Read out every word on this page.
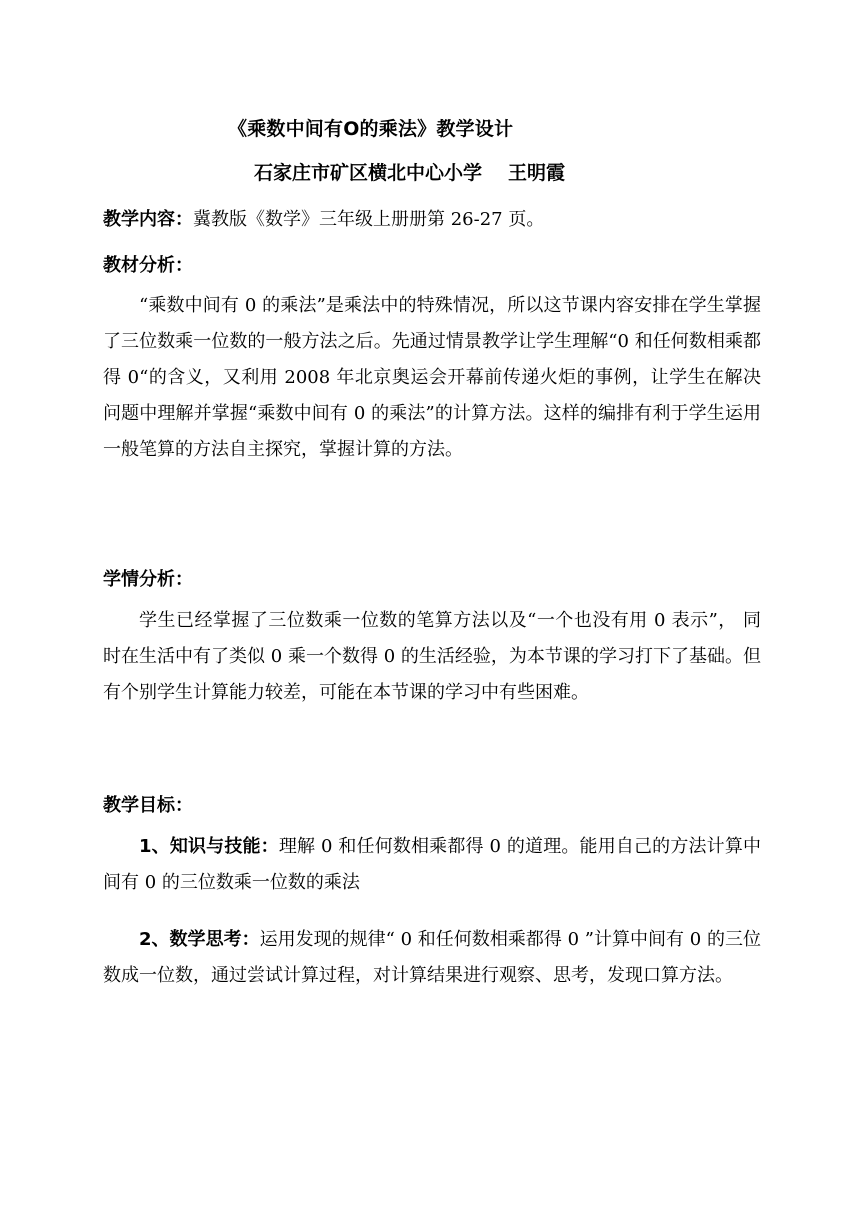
《乘数中间有O的乘法》教学设计
石家庄市矿区横北中心小学 王明霞
教学内容：冀教版《数学》三年级上册册第 26-27 页。
教材分析：
“乘数中间有 0 的乘法”是乘法中的特殊情况，所以这节课内容安排在学生掌握了三位数乘一位数的一般方法之后。先通过情景教学让学生理解“0 和任何数相乘都得 0“的含义，又利用 2008 年北京奥运会开幕前传递火炬的事例，让学生在解决问题中理解并掌握“乘数中间有 0 的乘法”的计算方法。这样的编排有利于学生运用一般笔算的方法自主探究，掌握计算的方法。
学情分析：
学生已经掌握了三位数乘一位数的笔算方法以及“一个也没有用 0 表示”， 同时在生活中有了类似 0 乘一个数得 0 的生活经验，为本节课的学习打下了基础。但有个别学生计算能力较差，可能在本节课的学习中有些困难。
教学目标：
1、知识与技能：理解 0 和任何数相乘都得 0 的道理。能用自己的方法计算中间有 0 的三位数乘一位数的乘法
2、数学思考：运用发现的规律“ 0 和任何数相乘都得 0 ”计算中间有 0 的三位数成一位数，通过尝试计算过程，对计算结果进行观察、思考，发现口算方法。
